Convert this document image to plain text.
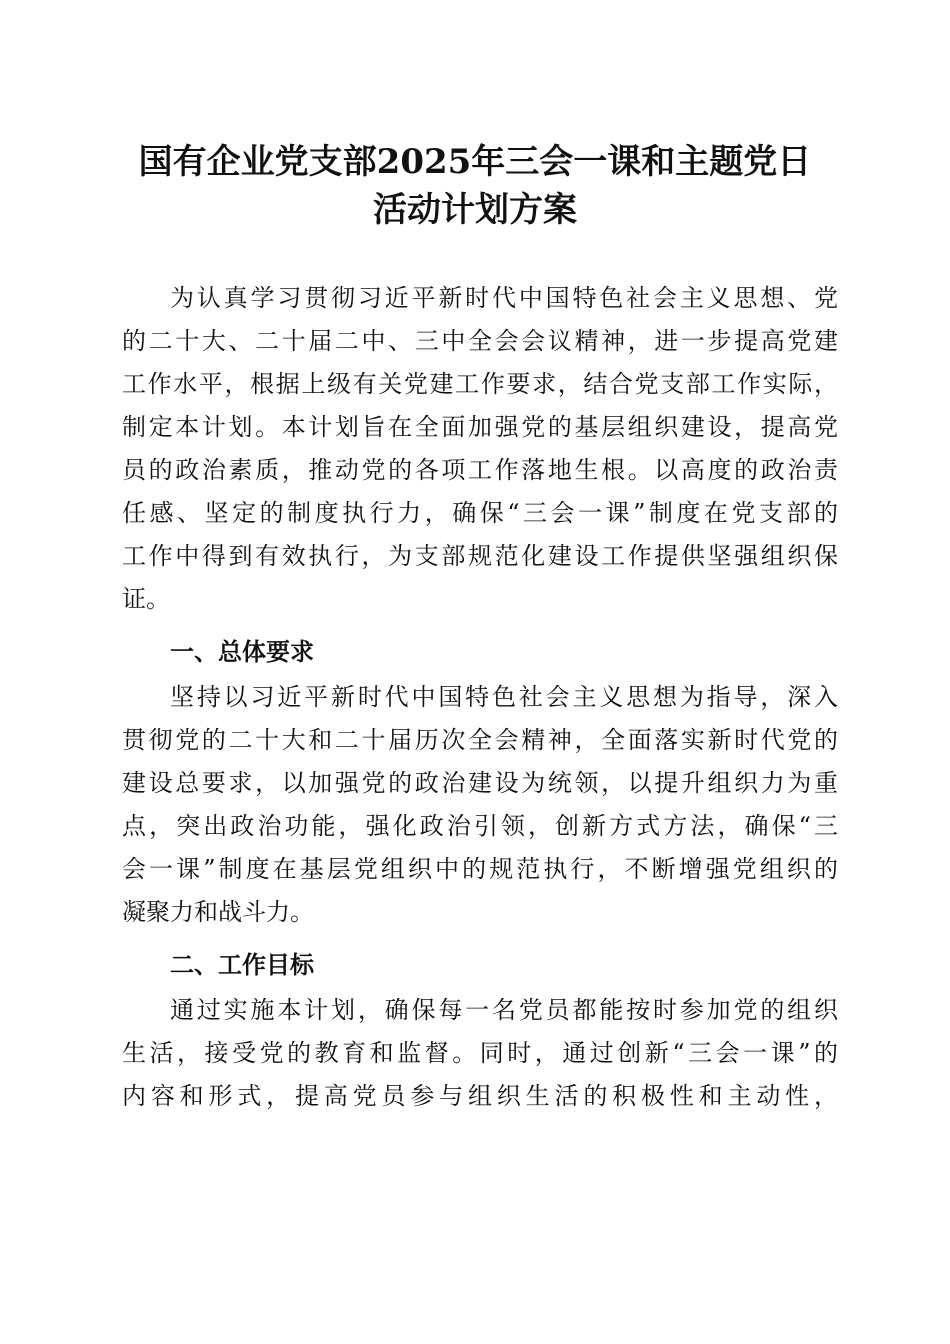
国有企业党支部2025年三会一课和主题党日
活动计划方案
为认真学习贯彻习近平新时代中国特色社会主义思想、党
的二十大、二十届二中、三中全会会议精神，进一步提高党建
工作水平，根据上级有关党建工作要求，结合党支部工作实际，
制定本计划。本计划旨在全面加强党的基层组织建设，提高党
员的政治素质，推动党的各项工作落地生根。以高度的政治责
任感、坚定的制度执行力，确保“三会一课”制度在党支部的
工作中得到有效执行，为支部规范化建设工作提供坚强组织保
证。
一、总体要求
坚持以习近平新时代中国特色社会主义思想为指导，深入
贯彻党的二十大和二十届历次全会精神，全面落实新时代党的
建设总要求，以加强党的政治建设为统领，以提升组织力为重
点，突出政治功能，强化政治引领，创新方式方法，确保“三
会一课”制度在基层党组织中的规范执行，不断增强党组织的
凝聚力和战斗力。
二、工作目标
通过实施本计划，确保每一名党员都能按时参加党的组织
生活，接受党的教育和监督。同时，通过创新“三会一课”的
内容和形式，提高党员参与组织生活的积极性和主动性，
